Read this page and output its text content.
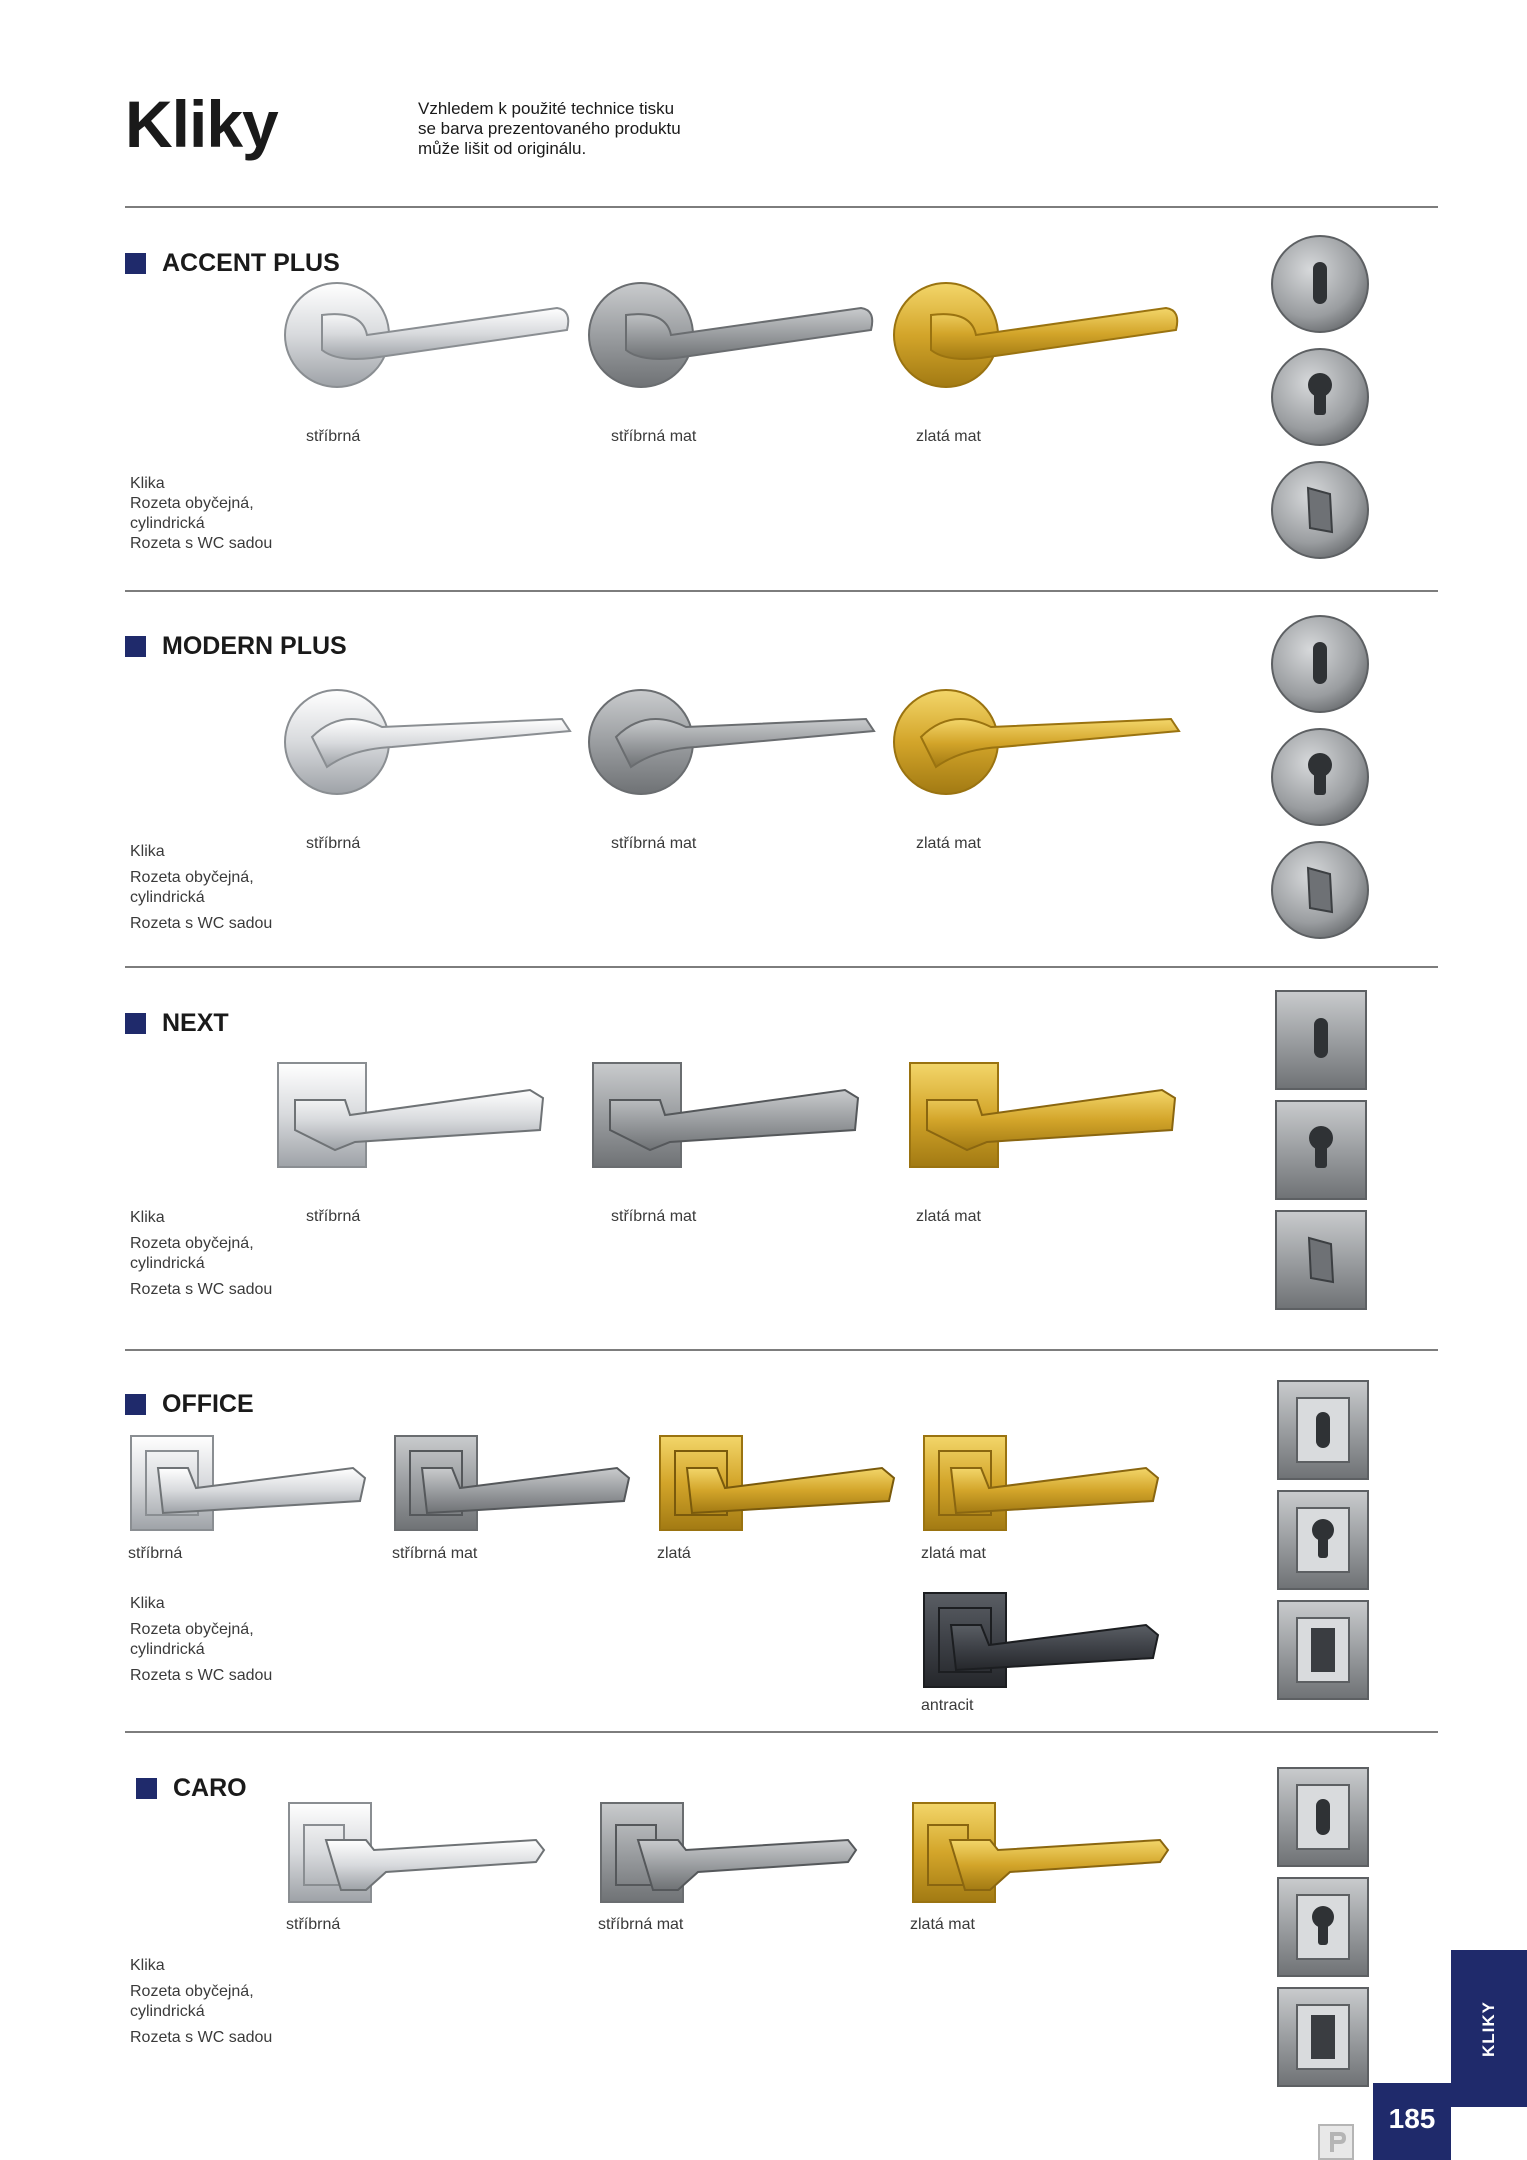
Kliky	Vzhledem k použité technice tisku
se barva prezentovaného produktu
může lišit od originálu.
ACCENT PLUS
stříbrná	stříbrná mat	zlatá mat
Klika
Rozeta obyčejná,
cylindrická
Rozeta s WC sadou
MODERN PLUS
stříbrná	stříbrná mat	zlatá mat
Klika
Rozeta obyčejná,
cylindrická
Rozeta s WC sadou
NEXT
stříbrná	stříbrná mat	zlatá mat
Klika
Rozeta obyčejná,
cylindrická
Rozeta s WC sadou
OFFICE
stříbrná	stříbrná mat	zlatá	zlatá mat
antracit
Klika
Rozeta obyčejná,
cylindrická
Rozeta s WC sadou
CARO
stříbrná	stříbrná mat	zlatá mat
Klika
Rozeta obyčejná,
cylindrická
Rozeta s WC sadou	KLIKY
185
